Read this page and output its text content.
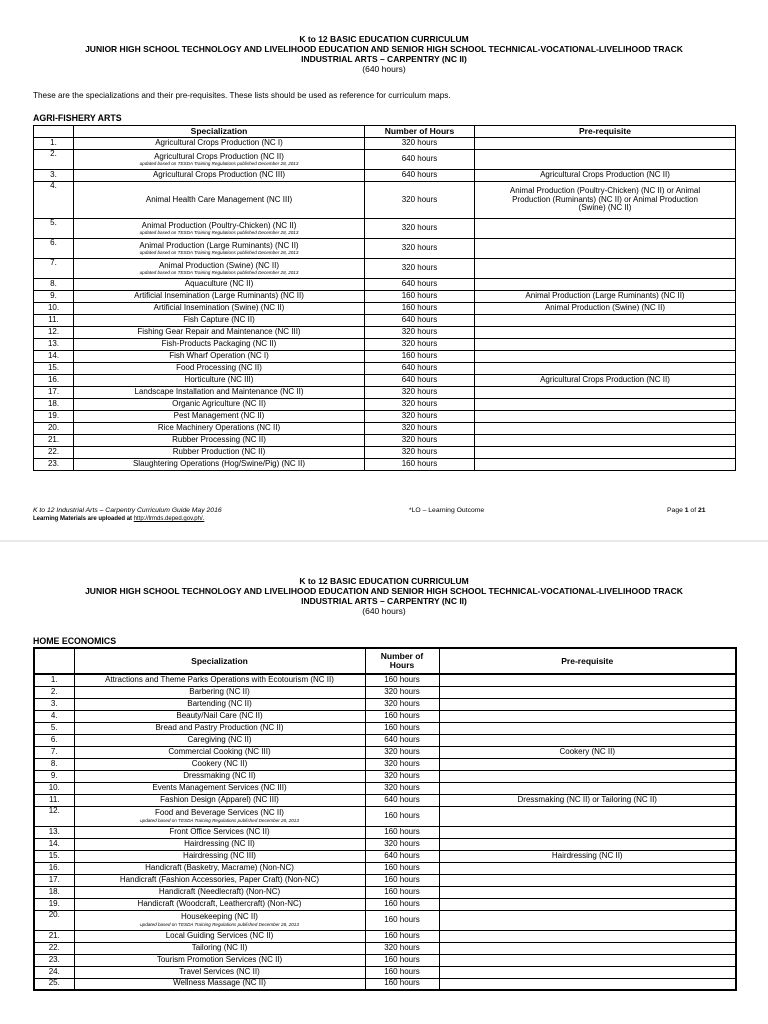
K to 12 BASIC EDUCATION CURRICULUM
JUNIOR HIGH SCHOOL TECHNOLOGY AND LIVELIHOOD EDUCATION AND SENIOR HIGH SCHOOL TECHNICAL-VOCATIONAL-LIVELIHOOD TRACK
INDUSTRIAL ARTS – CARPENTRY (NC II)
(640 hours)
These are the specializations and their pre-requisites. These lists should be used as reference for curriculum maps.
AGRI-FISHERY ARTS
	Specialization	Number of Hours	Pre-requisite
1.	Agricultural Crops Production (NC I)	320 hours	
2.	Agricultural Crops Production (NC II)
updated based on TESDA Training Regulations published December 28, 2013	640 hours	
3.	Agricultural Crops Production (NC III)	640 hours	Agricultural Crops Production (NC II)
4.	Animal Health Care Management (NC III)	320 hours	Animal Production (Poultry-Chicken) (NC II) or Animal Production (Ruminants) (NC II) or Animal Production (Swine) (NC II)
5.	Animal Production (Poultry-Chicken) (NC II)
updated based on TESDA Training Regulations published December 28, 2013	320 hours	
6.	Animal Production (Large Ruminants) (NC II)
updated based on TESDA Training Regulations published December 28, 2013	320 hours	
7.	Animal Production (Swine) (NC II)
updated based on TESDA Training Regulations published December 28, 2013	320 hours	
8.	Aquaculture (NC II)	640 hours	
9.	Artificial Insemination (Large Ruminants) (NC II)	160 hours	Animal Production (Large Ruminants) (NC II)
10.	Artificial Insemination (Swine) (NC II)	160 hours	Animal Production (Swine) (NC II)
11.	Fish Capture (NC II)	640 hours	
12.	Fishing Gear Repair and Maintenance (NC III)	320 hours	
13.	Fish-Products Packaging (NC II)	320 hours	
14.	Fish Wharf Operation (NC I)	160 hours	
15.	Food Processing (NC II)	640 hours	
16.	Horticulture (NC III)	640 hours	Agricultural Crops Production (NC II)
17.	Landscape Installation and Maintenance (NC II)	320 hours	
18.	Organic Agriculture (NC II)	320 hours	
19.	Pest Management (NC II)	320 hours	
20.	Rice Machinery Operations (NC II)	320 hours	
21.	Rubber Processing (NC II)	320 hours	
22.	Rubber Production (NC II)	320 hours	
23.	Slaughtering Operations (Hog/Swine/Pig) (NC II)	160 hours	
K to 12 Industrial Arts – Carpentry Curriculum Guide May 2016
Learning Materials are uploaded at http://lrmds.deped.gov.ph/.
*LO – Learning Outcome	Page 1 of 21
K to 12 BASIC EDUCATION CURRICULUM
JUNIOR HIGH SCHOOL TECHNOLOGY AND LIVELIHOOD EDUCATION AND SENIOR HIGH SCHOOL TECHNICAL-VOCATIONAL-LIVELIHOOD TRACK
INDUSTRIAL ARTS – CARPENTRY (NC II)
(640 hours)
HOME ECONOMICS
	Specialization	Number of Hours	Pre-requisite
1.	Attractions and Theme Parks Operations with Ecotourism (NC II)	160 hours	
2.	Barbering (NC II)	320 hours	
3.	Bartending (NC II)	320 hours	
4.	Beauty/Nail Care (NC II)	160 hours	
5.	Bread and Pastry Production (NC II)	160 hours	
6.	Caregiving (NC II)	640 hours	
7.	Commercial Cooking (NC III)	320 hours	Cookery (NC II)
8.	Cookery (NC II)	320 hours	
9.	Dressmaking (NC II)	320 hours	
10.	Events Management Services (NC III)	320 hours	
11.	Fashion Design (Apparel) (NC III)	640 hours	Dressmaking (NC II) or Tailoring (NC II)
12.	Food and Beverage Services (NC II)
updated based on TESDA Training Regulations published December 28, 2013	160 hours	
13.	Front Office Services (NC II)	160 hours	
14.	Hairdressing (NC II)	320 hours	
15.	Hairdressing (NC III)	640 hours	Hairdressing (NC II)
16.	Handicraft (Basketry, Macrame) (Non-NC)	160 hours	
17.	Handicraft (Fashion Accessories, Paper Craft) (Non-NC)	160 hours	
18.	Handicraft (Needlecraft) (Non-NC)	160 hours	
19.	Handicraft (Woodcraft, Leathercraft) (Non-NC)	160 hours	
20.	Housekeeping (NC II)
updated based on TESDA Training Regulations published December 28, 2013	160 hours	
21.	Local Guiding Services (NC II)	160 hours	
22.	Tailoring (NC II)	320 hours	
23.	Tourism Promotion Services (NC II)	160 hours	
24.	Travel Services (NC II)	160 hours	
25.	Wellness Massage (NC II)	160 hours	
